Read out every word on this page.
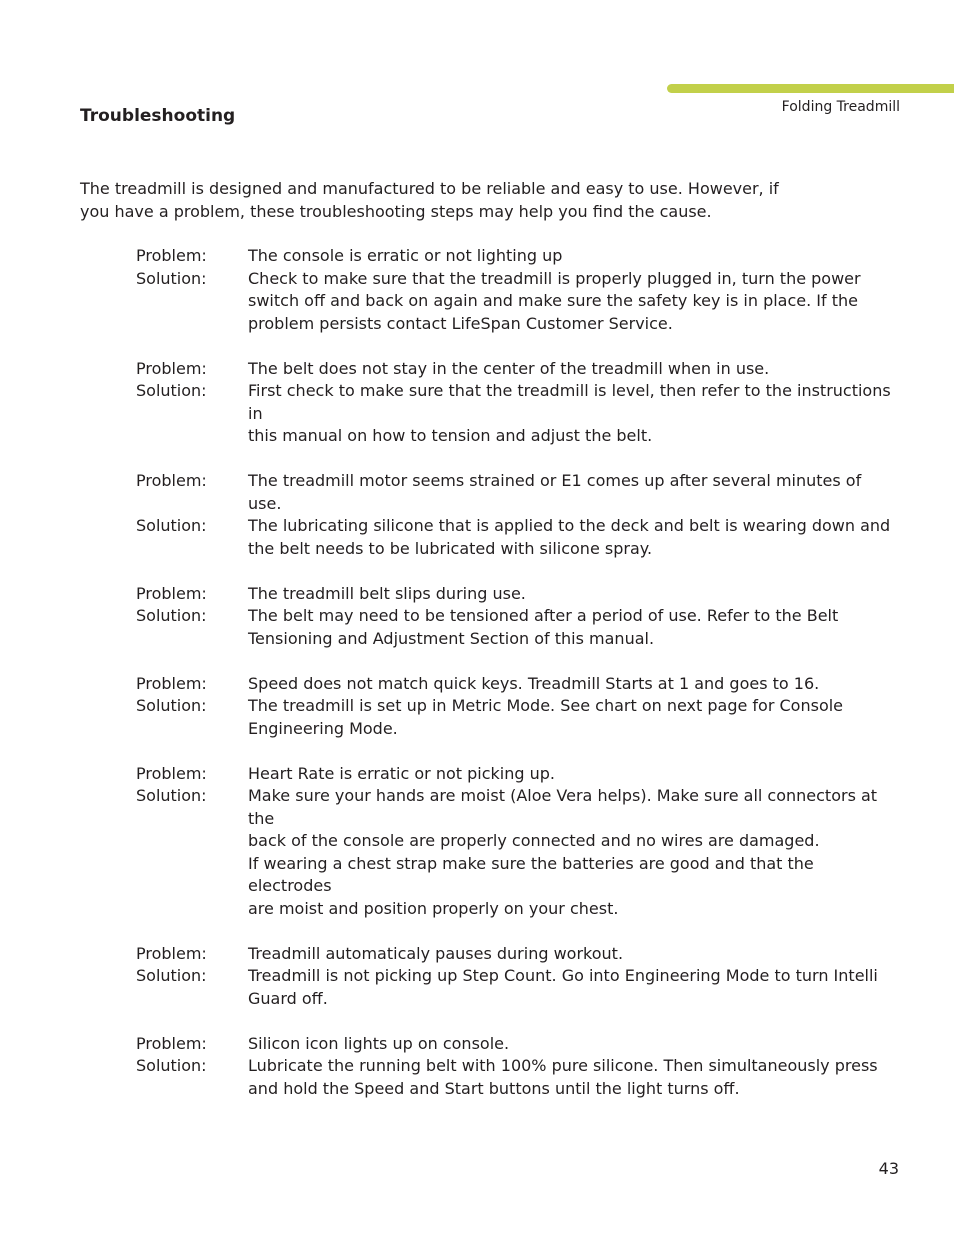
Folding Treadmill
Troubleshooting

The treadmill is designed and manufactured to be reliable and easy to use. However, if
you have a problem, these troubleshooting steps may help you find the cause.

Problem:	The console is erratic or not lighting up
Solution:	Check to make sure that the treadmill is properly plugged in, turn the power
switch off and back on again and make sure the safety key is in place. If the
problem persists contact LifeSpan Customer Service.
Problem:	The belt does not stay in the center of the treadmill when in use.
Solution:	First check to make sure that the treadmill is level, then refer to the instructions in
this manual on how to tension and adjust the belt.
Problem:	The treadmill motor seems strained or E1 comes up after several minutes of use.
Solution:	The lubricating silicone that is applied to the deck and belt is wearing down and
the belt needs to be lubricated with silicone spray.
Problem:	The treadmill belt slips during use.
Solution:	The belt may need to be tensioned after a period of use. Refer to the Belt
Tensioning and Adjustment Section of this manual.
Problem:	Speed does not match quick keys. Treadmill Starts at 1 and goes to 16.
Solution:	The treadmill is set up in Metric Mode. See chart on next page for Console
Engineering Mode.
Problem:	Heart Rate is erratic or not picking up.
Solution:	Make sure your hands are moist (Aloe Vera helps). Make sure all connectors at the
back of the console are properly connected and no wires are damaged.
If wearing a chest strap make sure the batteries are good and that the electrodes
are moist and position properly on your chest.
Problem:	Treadmill automaticaly pauses during workout.
Solution:	Treadmill is not picking up Step Count. Go into Engineering Mode to turn Intelli
Guard off.
Problem:	Silicon icon lights up on console.
Solution:	Lubricate the running belt with 100% pure silicone. Then simultaneously press
and hold the Speed and Start buttons until the light turns off.
43
